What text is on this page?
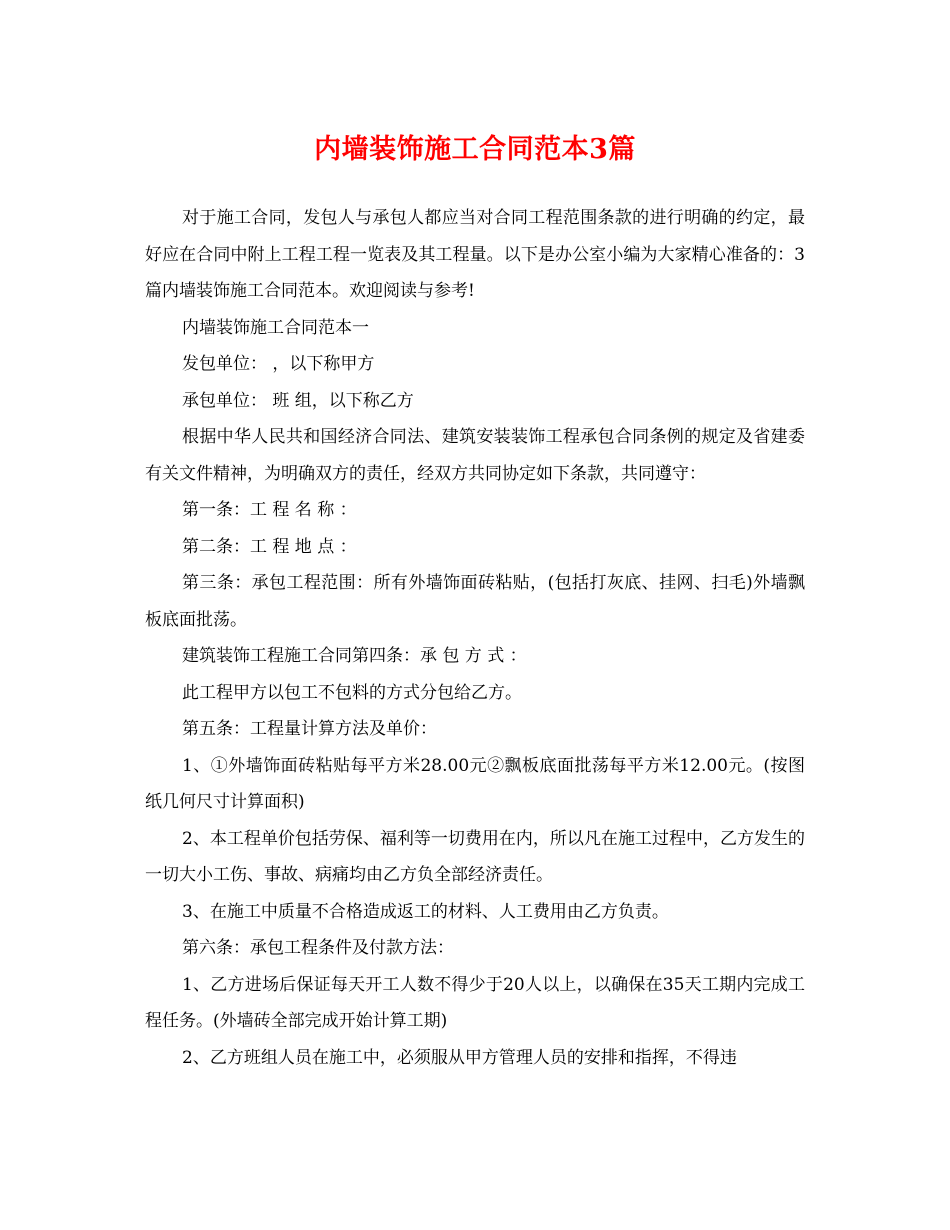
内墙装饰施工合同范本3篇

对于施工合同，发包人与承包人都应当对合同工程范围条款的进行明确的约定，最好应在合同中附上工程工程一览表及其工程量。以下是办公室小编为大家精心准备的：3篇内墙装饰施工合同范本。欢迎阅读与参考!

内墙装饰施工合同范本一

发包单位： ，以下称甲方

承包单位： 班 组，以下称乙方

根据中华人民共和国经济合同法、建筑安装装饰工程承包合同条例的规定及省建委有关文件精神，为明确双方的责任，经双方共同协定如下条款，共同遵守：

第一条：工 程 名 称 ：

第二条：工 程 地 点 ：

第三条：承包工程范围：所有外墙饰面砖粘贴，(包括打灰底、挂网、扫毛)外墙飘板底面批荡。

建筑装饰工程施工合同第四条：承 包 方 式 ：

此工程甲方以包工不包料的方式分包给乙方。

第五条：工程量计算方法及单价：

1、①外墙饰面砖粘贴每平方米28.00元②飘板底面批荡每平方米12.00元。(按图纸几何尺寸计算面积)

2、本工程单价包括劳保、福利等一切费用在内，所以凡在施工过程中，乙方发生的一切大小工伤、事故、病痛均由乙方负全部经济责任。

3、在施工中质量不合格造成返工的材料、人工费用由乙方负责。

第六条：承包工程条件及付款方法：

1、乙方进场后保证每天开工人数不得少于20人以上，以确保在35天工期内完成工程任务。(外墙砖全部完成开始计算工期)

2、乙方班组人员在施工中，必须服从甲方管理人员的安排和指挥，不得违
